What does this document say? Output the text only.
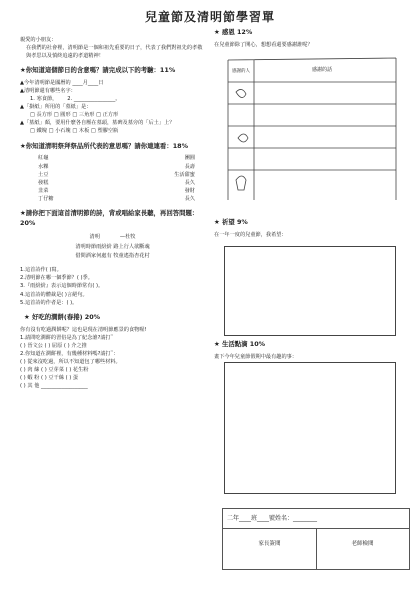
兒童節及清明節學習單

親愛的小朋友：

在我們的社會裡，清明節是一個和祖先重要的日子，代表了我們對祖先的孝敬與孝思以及慎終追遠的孝道精神！

★你知道這個節日的含意嗎？請完成以下的考驗：11%

▲今年清明節是國曆的 ____月____日

▲清明節還有哪些名字：

1. 寒食節， 2. ________________。

▲「掛紙」所用的「墓紙」是：

□ 長方形 □ 圓形 □ 三角形 □ 正方形

▲「墓紙」顏，要用什麼各自壓在墓頭，墓碑及墓旁的「后土」上？

□ 鐵塊 □ 小石塊 □ 木板 □ 塑膠空瓶

★你知道清明祭拜祭品所代表的意思嗎？請你連連看：18%
紅龜	團圓
水粿	長壽
土豆	生活甜蜜
發糕	長久
韭菜	發財
丁仔糖	長久
★請你把下面這首清明節的詩，背或唱給家長聽，再回答問題：20%
清明	—杜牧
清明時節雨紛紛 路上行人欲斷魂
借問酒家何處有 牧童遙指杏花村

1.這首詩作( )寫。

2.清明節在哪一個季節？( )季。

3.『雨紛紛』表示這個時節常有( )。

4.這首詩的體裁是( )言絕句。

5.這首詩的作者是：( )。

★ 好吃的潤餅(春捲) 20%

你有沒有吃過潤餅呢？這也是現在清明節應景的食物喔!

1.請問吃潤餅的習俗是為了紀念誰?請打ˇ

( ) 晉文公 ( ) 屈原 ( ) 介之推

2.你知道在潤餅裡，有幾種材料嗎?請打ˇ：

( ) 從來沒吃過，所以不知道包了哪些材料。

( ) 肉 絲 ( ) 豆芽菜 ( ) 花生粉

( ) 蝦 粉 ( ) 豆干絲 ( ) 蛋

( ) 其 他 __________________

★ 感恩 12%

在兒童節除了開心，想想看還要感謝誰呢？

感謝的人	感謝的話
★ 祈望 9%

在一年一度的兒童節，我希望：

★ 生活點滴 10%

畫下今年兒童節假期中最有趣的事：

二年____班____號姓名：________
家長簽閱	老師檢閱
